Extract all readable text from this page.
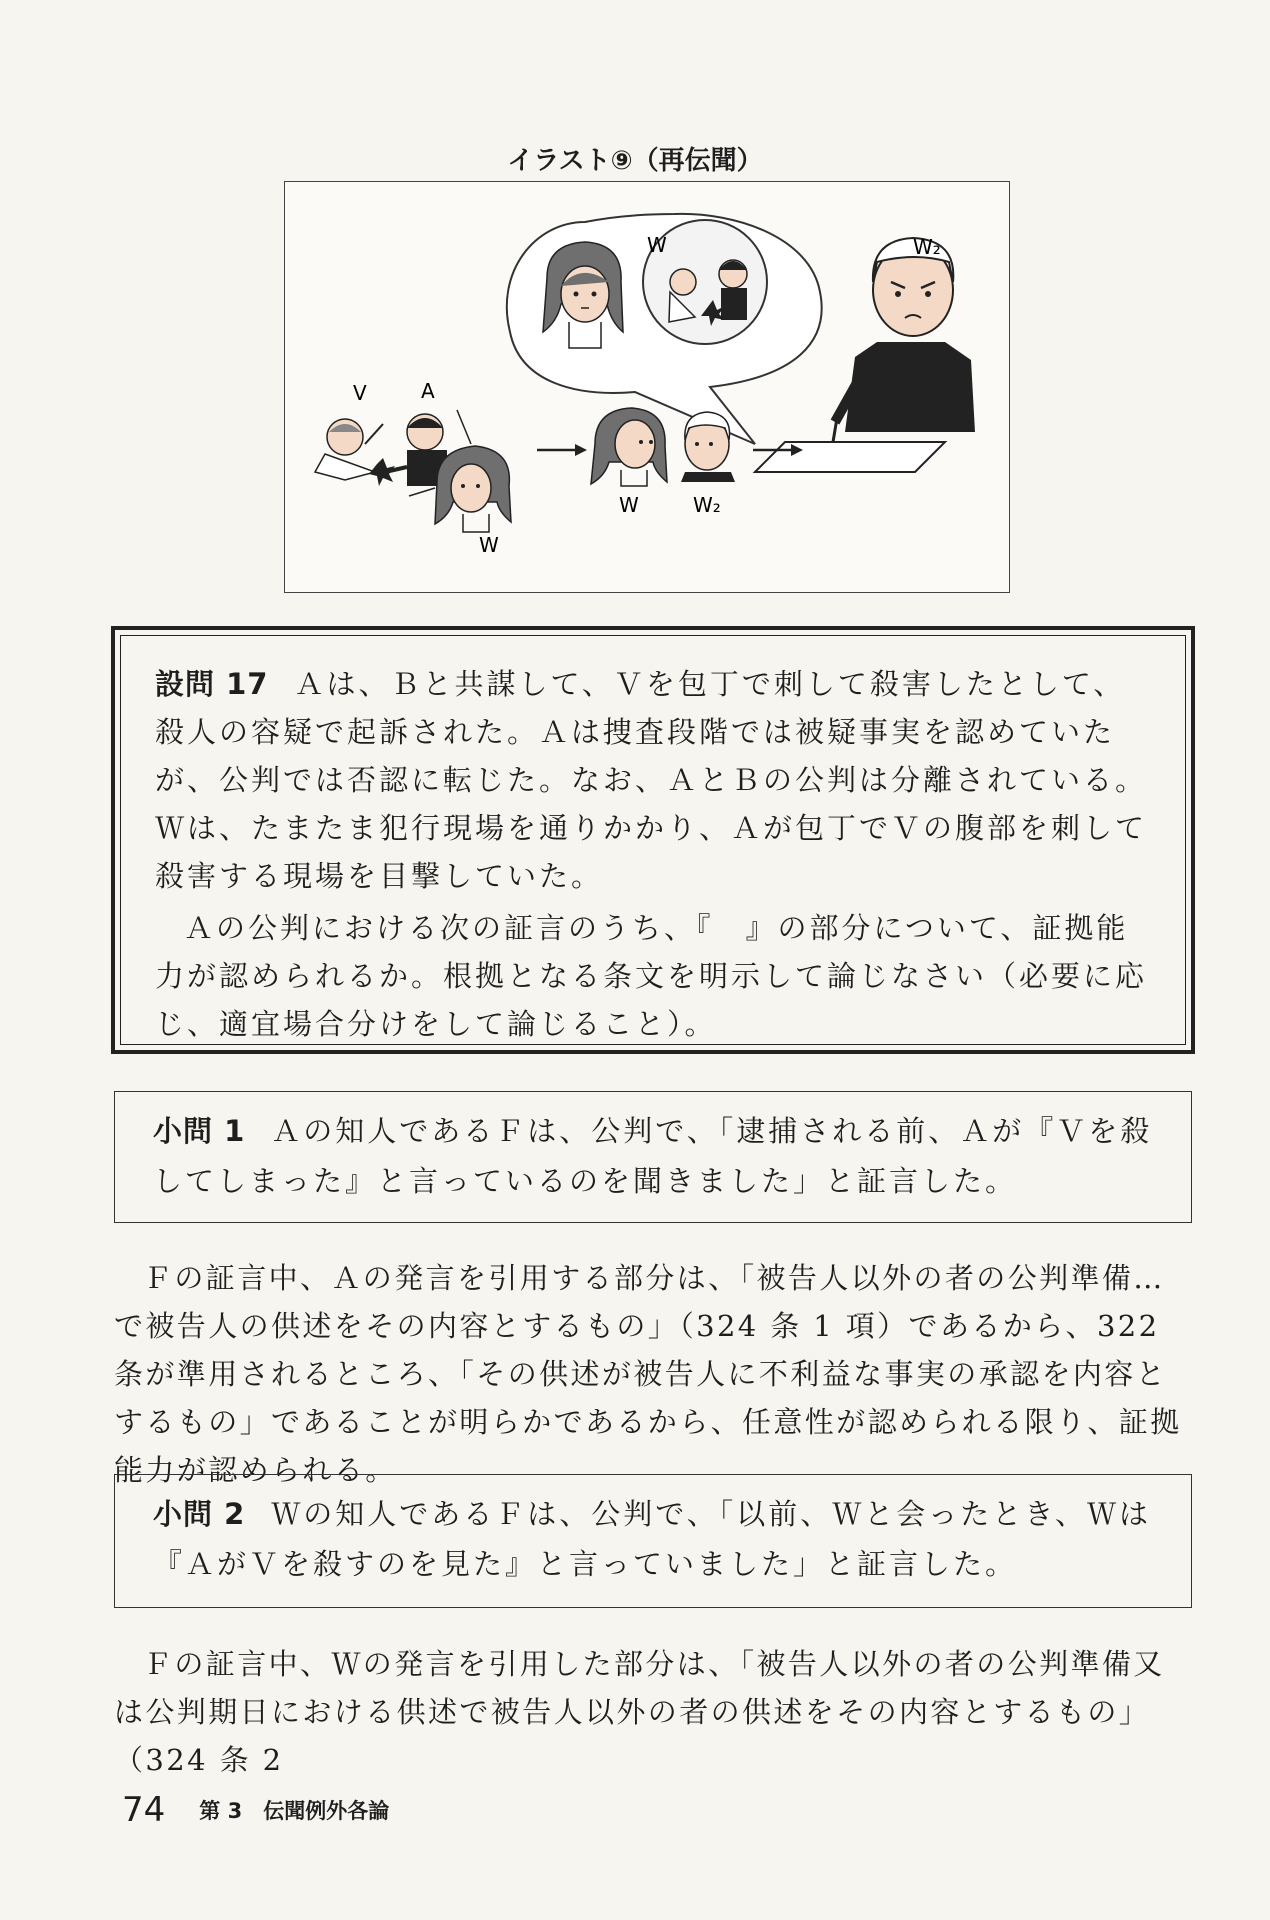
イラスト⑨（再伝聞）
V	A
W
W	W₂
W	W₂

設問 17 Ａは、Ｂと共謀して、Ｖを包丁で刺して殺害したとして、殺人の容疑で起訴された。Ａは捜査段階では被疑事実を認めていたが、公判では否認に転じた。なお、ＡとＢの公判は分離されている。Ｗは、たまたま犯行現場を通りかかり、Ａが包丁でＶの腹部を刺して殺害する現場を目撃していた。

Ａの公判における次の証言のうち、『　』の部分について、証拠能力が認められるか。根拠となる条文を明示して論じなさい（必要に応じ、適宜場合分けをして論じること）。

小問 1 Ａの知人であるＦは、公判で、「逮捕される前、Ａが『Ｖを殺してしまった』と言っているのを聞きました」と証言した。

Ｆの証言中、Ａの発言を引用する部分は、「被告人以外の者の公判準備…で被告人の供述をその内容とするもの」（324 条 1 項）であるから、322 条が準用されるところ、「その供述が被告人に不利益な事実の承認を内容とするもの」であることが明らかであるから、任意性が認められる限り、証拠能力が認められる。

小問 2 Ｗの知人であるＦは、公判で、「以前、Ｗと会ったとき、Ｗは『ＡがＶを殺すのを見た』と言っていました」と証言した。

Ｆの証言中、Ｗの発言を引用した部分は、「被告人以外の者の公判準備又は公判期日における供述で被告人以外の者の供述をその内容とするもの」（324 条 2

74 第 3　伝聞例外各論
